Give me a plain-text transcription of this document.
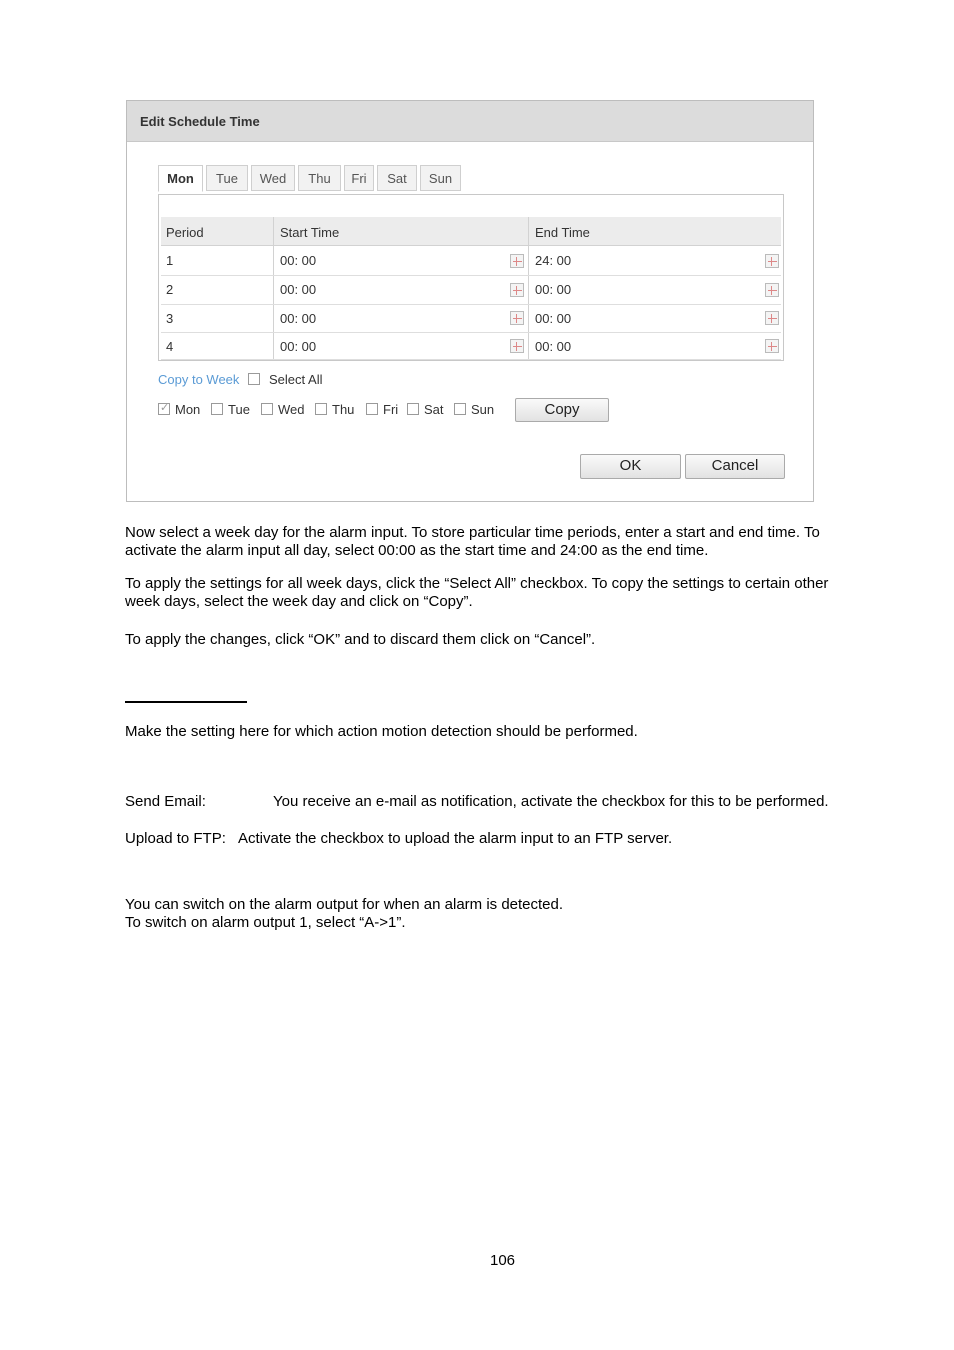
Edit Schedule Time
Mon	Tue	Wed	Thu	Fri	Sat	Sun
Period	Start Time	End Time
1	00: 00	24: 00
2	00: 00	00: 00
3	00: 00	00: 00
4	00: 00	00: 00
Copy to Week Select All
✓
Mon Tue Wed Thu Fri Sat Sun	Copy
OK	Cancel

Now select a week day for the alarm input. To store particular time periods, enter a start and end time. To
activate the alarm input all day, select 00:00 as the start time and 24:00 as the end time.

To apply the settings for all week days, click the “Select All” checkbox. To copy the settings to certain other
week days, select the week day and click on “Copy”.

To apply the changes, click “OK” and to discard them click on “Cancel”.

Make the setting here for which action motion detection should be performed.

Send Email:	You receive an e-mail as notification, activate the checkbox for this to be performed.

Upload to FTP: Activate the checkbox to upload the alarm input to an FTP server.

You can switch on the alarm output for when an alarm is detected.
To switch on alarm output 1, select “A->1”.

106
